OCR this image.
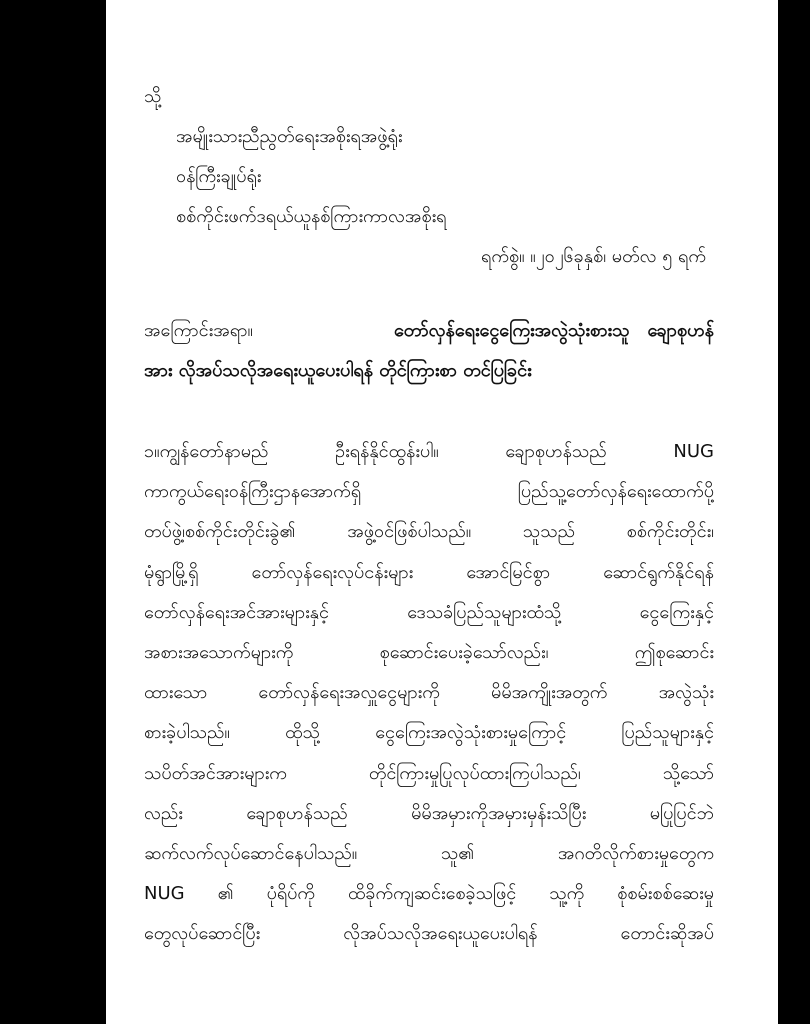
သို့
အမျိုးသားညီညွတ်ရေးအစိုးရအဖွဲ့ရုံး
ဝန်ကြီးချုပ်ရုံး
စစ်ကိုင်းဖက်ဒရယ်ယူနစ်ကြားကာလအစိုးရ
ရက်စွဲ။ ။၂၀၂၆ခုနှစ်၊ မတ်လ ၅ ရက်
အကြောင်းအရာ။	တော်လှန်ရေးငွေကြေးအလွဲသုံးစားသူ ချောစုဟန်
အား လိုအပ်သလိုအရေးယူပေးပါရန် တိုင်ကြားစာ တင်ပြခြင်း
၁။ကျွန်တော်နာမည်	ဦးရန်နိုင်ထွန်းပါ။	ချောစုဟန်သည်	NUG
ကာကွယ်ရေးဝန်ကြီးဌာနအောက်ရှိ	ပြည်သူ့တော်လှန်ရေးထောက်ပို့
တပ်ဖွဲ့၊စစ်ကိုင်းတိုင်းခွဲ၏	အဖွဲ့ဝင်ဖြစ်ပါသည်။	သူသည်	စစ်ကိုင်းတိုင်း၊
မုံရွာမြို့ရှိ	တော်လှန်ရေးလုပ်ငန်းများ	အောင်မြင်စွာ	ဆောင်ရွက်နိုင်ရန်
တော်လှန်ရေးအင်အားများနှင့်	ဒေသခံပြည်သူများထံသို့	ငွေကြေးနှင့်
အစားအသောက်များကို	စုဆောင်းပေးခဲ့သော်လည်း၊	ဤစုဆောင်း
ထားသော	တော်လှန်ရေးအလှူငွေများကို	မိမိအကျိုးအတွက်	အလွဲသုံး
စားခဲ့ပါသည်။	ထိုသို့	ငွေကြေးအလွဲသုံးစားမှုကြောင့်	ပြည်သူများနှင့်
သပိတ်အင်အားများက	တိုင်ကြားမှုပြုလုပ်ထားကြပါသည်၊	သို့သော်
လည်း	ချောစုဟန်သည်	မိမိအမှားကိုအမှားမှန်းသိပြီး	မပြုပြင်ဘဲ
ဆက်လက်လုပ်ဆောင်နေပါသည်။	သူ၏	အဂတိလိုက်စားမှုတွေက
NUG ၏ ပုံရိပ်ကို ထိခိုက်ကျဆင်းစေခဲ့သဖြင့် သူ့ကို စုံစမ်းစစ်ဆေးမှု
တွေလုပ်ဆောင်ပြီး	လိုအပ်သလိုအရေးယူပေးပါရန်	တောင်းဆိုအပ်
